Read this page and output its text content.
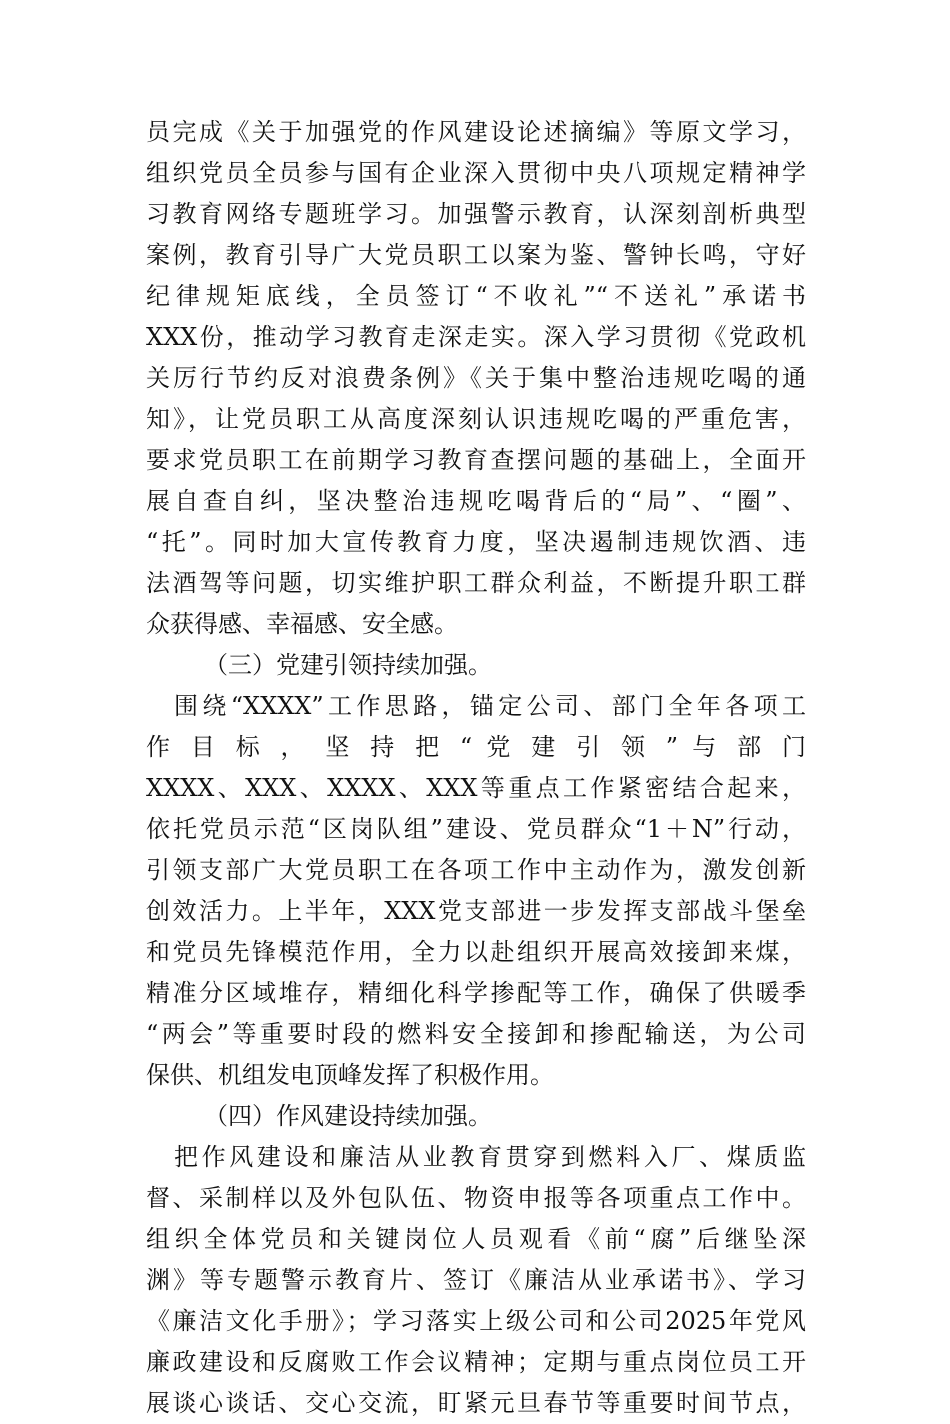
员完成《关于加强党的作风建设论述摘编》等原文学习，
组织党员全员参与国有企业深入贯彻中央八项规定精神学
习教育网络专题班学习。加强警示教育，认深刻剖析典型
案例，教育引导广大党员职工以案为鉴、警钟长鸣，守好
纪律规矩底线，全员签订“不收礼”“不送礼”承诺书
XXX份，推动学习教育走深走实。深入学习贯彻《党政机
关厉行节约反对浪费条例》《关于集中整治违规吃喝的通
知》，让党员职工从高度深刻认识违规吃喝的严重危害，
要求党员职工在前期学习教育查摆问题的基础上，全面开
展自查自纠，坚决整治违规吃喝背后的“局”、“圈”、
“托”。同时加大宣传教育力度，坚决遏制违规饮酒、违
法酒驾等问题，切实维护职工群众利益，不断提升职工群
众获得感、幸福感、安全感。
（三）党建引领持续加强。
围绕“XXXX”工作思路，锚定公司、部门全年各项工
作 目 标 ， 坚 持 把 “ 党 建 引 领 ” 与 部 门
XXXX、XXX、XXXX、XXX等重点工作紧密结合起来，
依托党员示范“区岗队组”建设、党员群众“1＋N”行动，
引领支部广大党员职工在各项工作中主动作为，激发创新
创效活力。上半年，XXX党支部进一步发挥支部战斗堡垒
和党员先锋模范作用，全力以赴组织开展高效接卸来煤，
精准分区域堆存，精细化科学掺配等工作，确保了供暖季
“两会”等重要时段的燃料安全接卸和掺配输送，为公司
保供、机组发电顶峰发挥了积极作用。
（四）作风建设持续加强。
把作风建设和廉洁从业教育贯穿到燃料入厂、煤质监
督、采制样以及外包队伍、物资申报等各项重点工作中。
组织全体党员和关键岗位人员观看《前“腐”后继坠深
渊》等专题警示教育片、签订《廉洁从业承诺书》、学习
《廉洁文化手册》；学习落实上级公司和公司2025年党风
廉政建设和反腐败工作会议精神；定期与重点岗位员工开
展谈心谈话、交心交流，盯紧元旦春节等重要时间节点，
